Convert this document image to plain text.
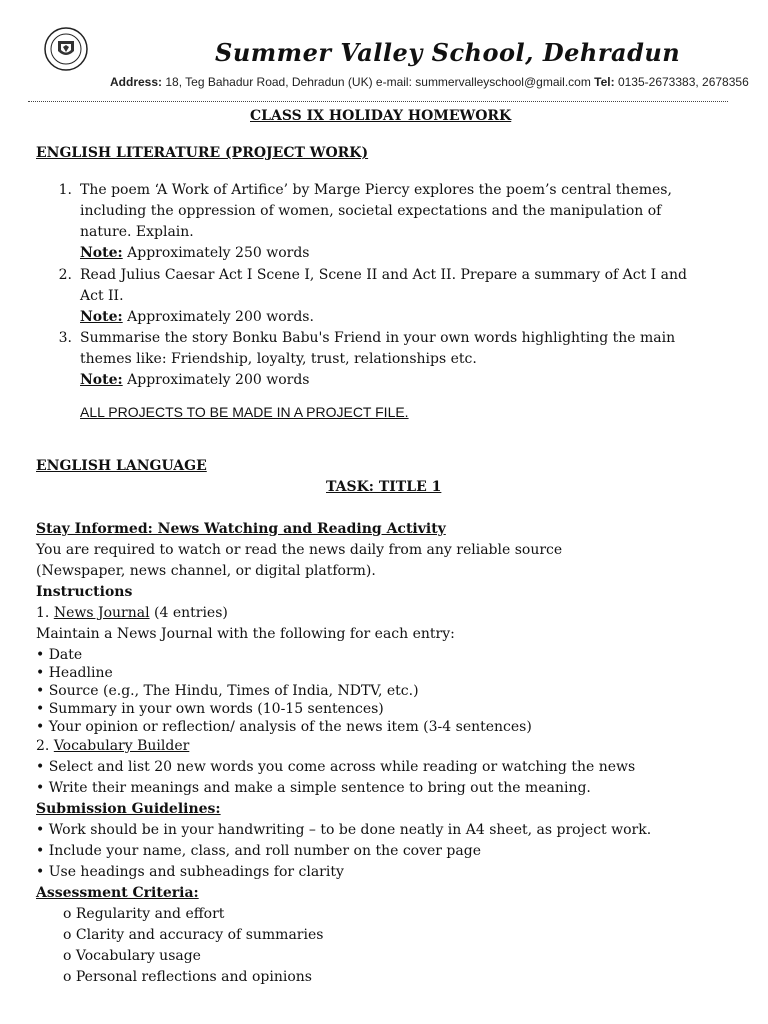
Summer Valley School, Dehradun
Address: 18, Teg Bahadur Road, Dehradun (UK) e-mail: summervalleyschool@gmail.com Tel: 0135-2673383, 2678356
CLASS IX HOLIDAY HOMEWORK
ENGLISH LITERATURE (PROJECT WORK)
1. The poem ‘A Work of Artifice’ by Marge Piercy explores the poem’s central themes,
including the oppression of women, societal expectations and the manipulation of
nature. Explain.
Note: Approximately 250 words
2. Read Julius Caesar Act I Scene I, Scene II and Act II. Prepare a summary of Act I and
Act II.
Note: Approximately 200 words.
3. Summarise the story Bonku Babu's Friend in your own words highlighting the main
themes like: Friendship, loyalty, trust, relationships etc.
Note: Approximately 200 words
ALL PROJECTS TO BE MADE IN A PROJECT FILE.
ENGLISH LANGUAGE
TASK: TITLE 1
Stay Informed: News Watching and Reading Activity
You are required to watch or read the news daily from any reliable source
(Newspaper, news channel, or digital platform).
Instructions
1. News Journal (4 entries)
Maintain a News Journal with the following for each entry:
• Date
• Headline
• Source (e.g., The Hindu, Times of India, NDTV, etc.)
• Summary in your own words (10-15 sentences)
• Your opinion or reflection/ analysis of the news item (3-4 sentences)
2. Vocabulary Builder
• Select and list 20 new words you come across while reading or watching the news
• Write their meanings and make a simple sentence to bring out the meaning.
Submission Guidelines:
• Work should be in your handwriting – to be done neatly in A4 sheet, as project work.
• Include your name, class, and roll number on the cover page
• Use headings and subheadings for clarity
Assessment Criteria:
o Regularity and effort
o Clarity and accuracy of summaries
o Vocabulary usage
o Personal reflections and opinions
